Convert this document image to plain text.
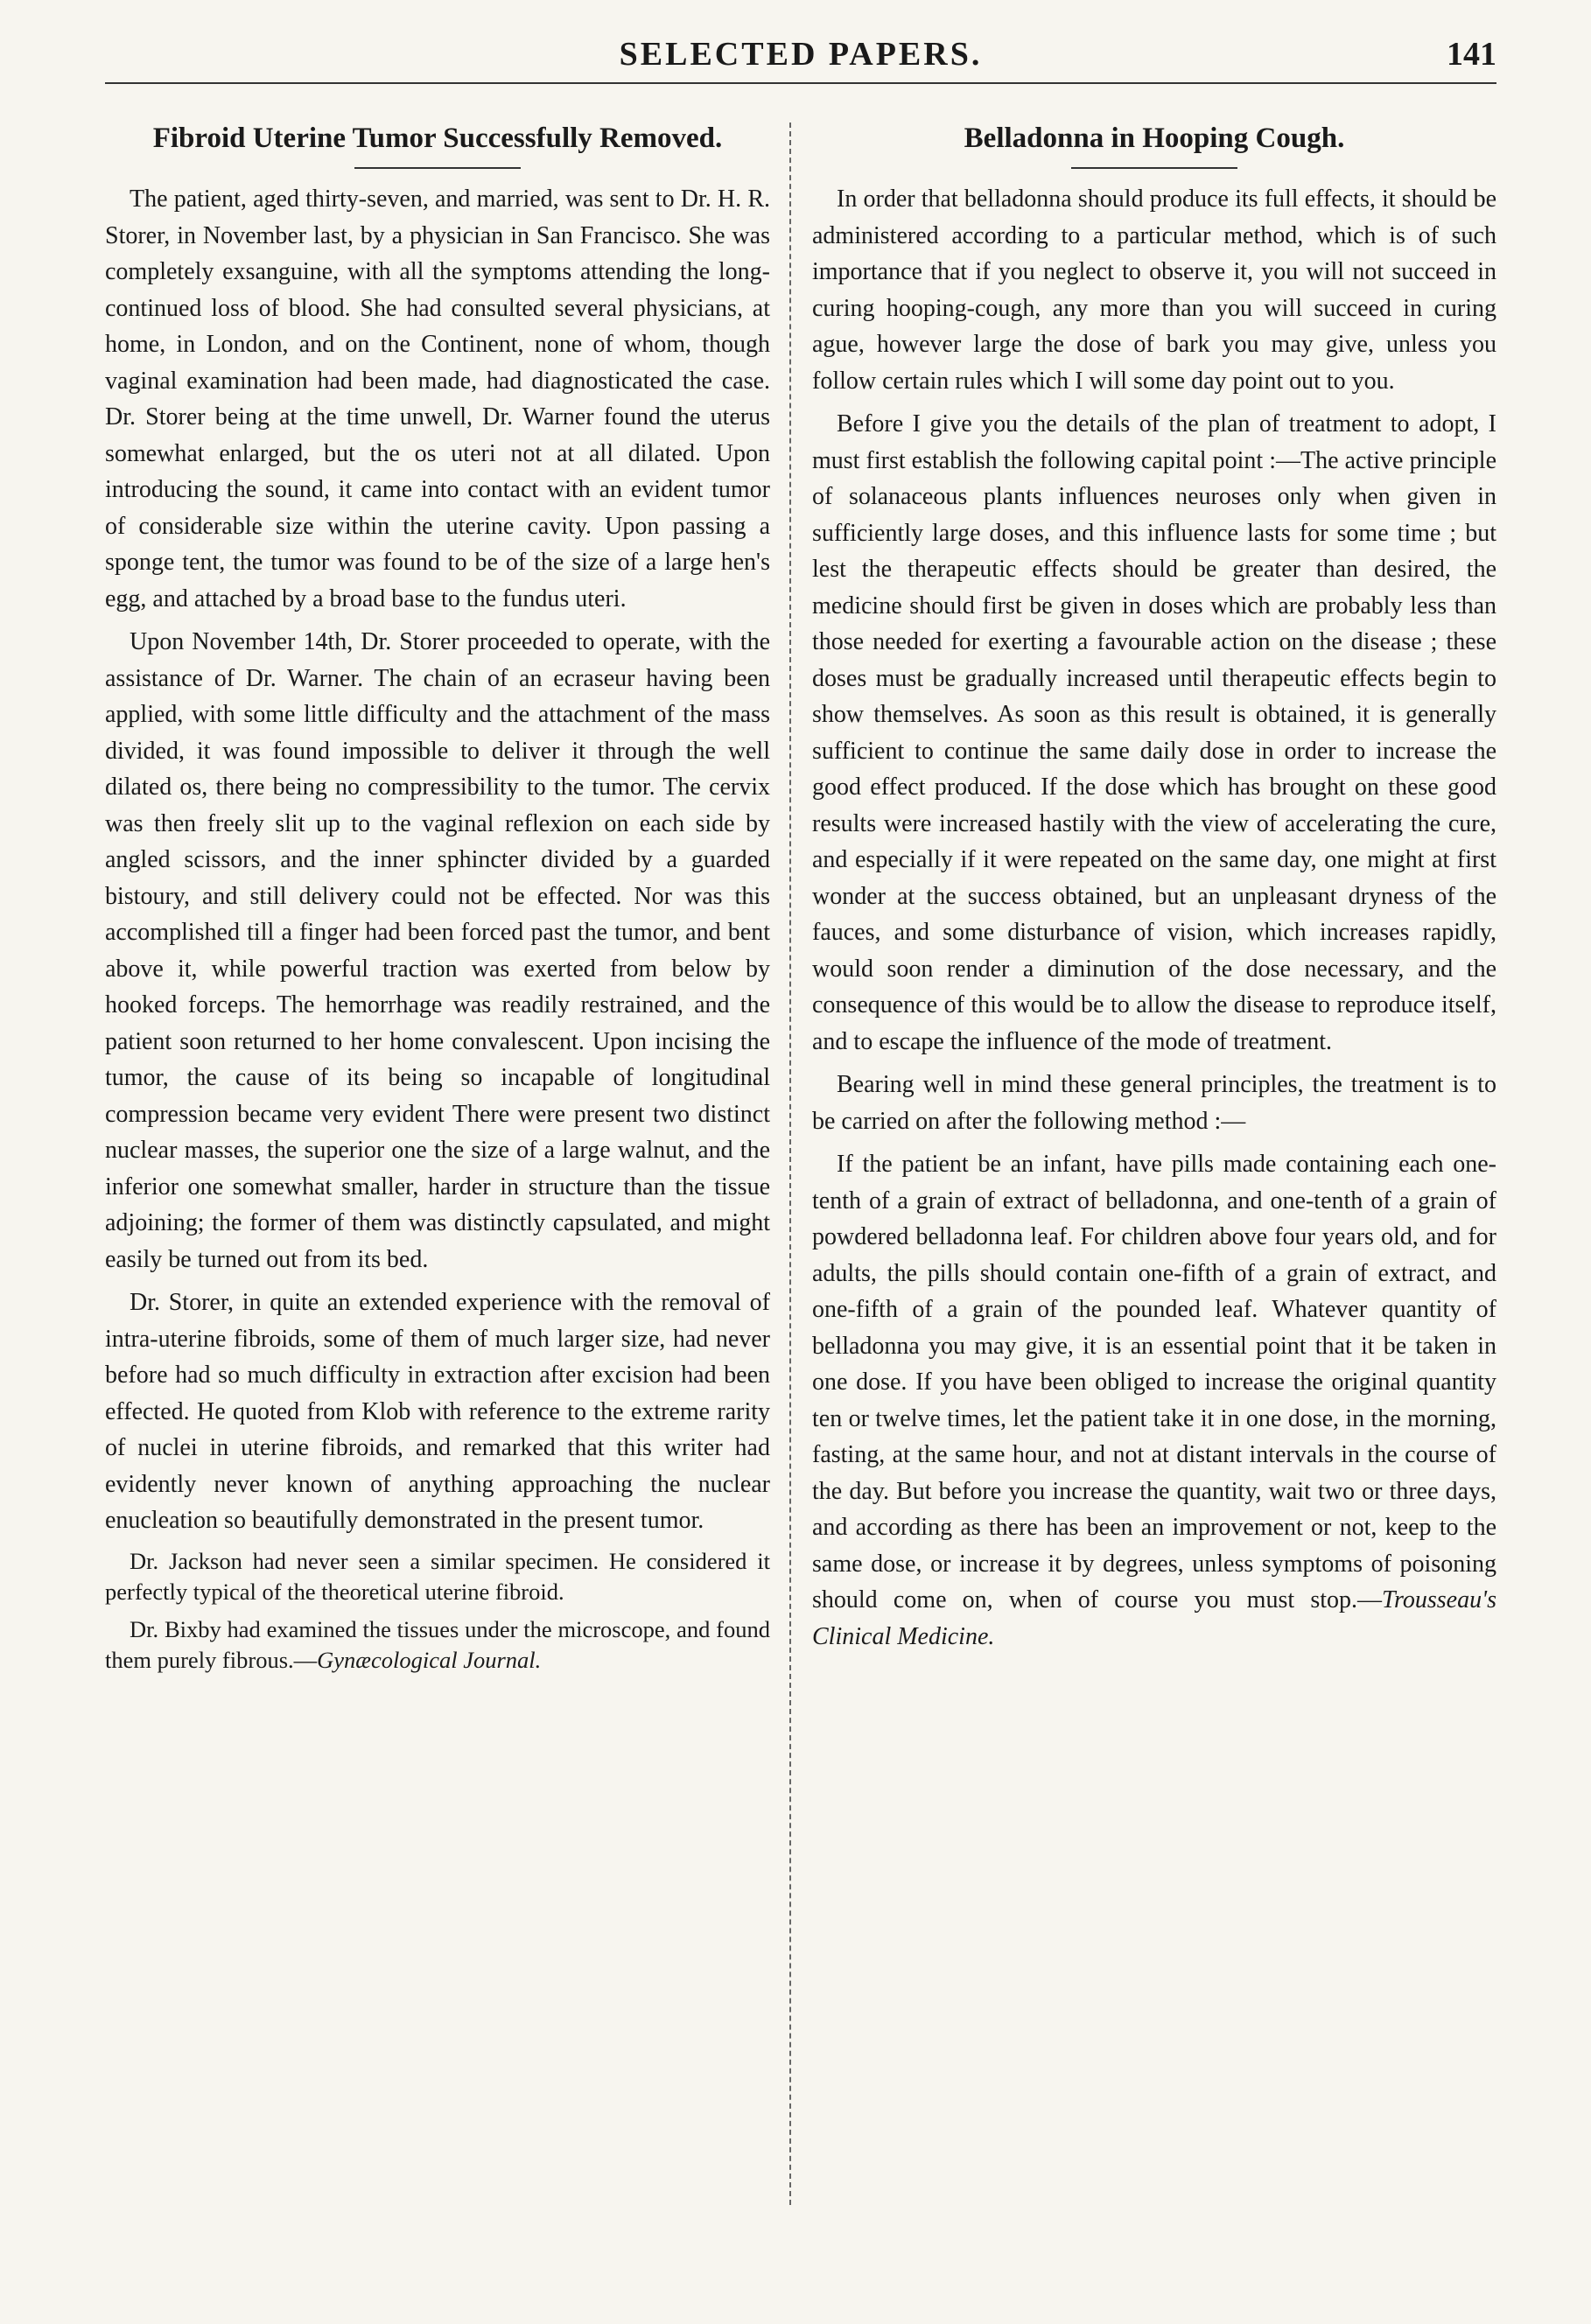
SELECTED PAPERS.	141
Fibroid Uterine Tumor Successfully Removed.

The patient, aged thirty-seven, and married, was sent to Dr. H. R. Storer, in November last, by a physician in San Francisco. She was completely exsanguine, with all the symptoms attending the long-continued loss of blood. She had consulted several physicians, at home, in London, and on the Continent, none of whom, though vaginal examination had been made, had diagnosticated the case. Dr. Storer being at the time unwell, Dr. Warner found the uterus somewhat enlarged, but the os uteri not at all dilated. Upon introducing the sound, it came into contact with an evident tumor of considerable size within the uterine cavity. Upon passing a sponge tent, the tumor was found to be of the size of a large hen's egg, and attached by a broad base to the fundus uteri.

Upon November 14th, Dr. Storer proceeded to operate, with the assistance of Dr. Warner. The chain of an ecraseur having been applied, with some little difficulty and the attachment of the mass divided, it was found impossible to deliver it through the well dilated os, there being no compressibility to the tumor. The cervix was then freely slit up to the vaginal reflexion on each side by angled scissors, and the inner sphincter divided by a guarded bistoury, and still delivery could not be effected. Nor was this accomplished till a finger had been forced past the tumor, and bent above it, while powerful traction was exerted from below by hooked forceps. The hemorrhage was readily restrained, and the patient soon returned to her home convalescent. Upon incising the tumor, the cause of its being so incapable of longitudinal compression became very evident There were present two distinct nuclear masses, the superior one the size of a large walnut, and the inferior one somewhat smaller, harder in structure than the tissue adjoining; the former of them was distinctly capsulated, and might easily be turned out from its bed.

Dr. Storer, in quite an extended experience with the removal of intra-uterine fibroids, some of them of much larger size, had never before had so much difficulty in extraction after excision had been effected. He quoted from Klob with reference to the extreme rarity of nuclei in uterine fibroids, and remarked that this writer had evidently never known of anything approaching the nuclear enucleation so beautifully demonstrated in the present tumor.

Dr. Jackson had never seen a similar specimen. He considered it perfectly typical of the theoretical uterine fibroid.

Dr. Bixby had examined the tissues under the microscope, and found them purely fibrous.—Gynæcological Journal.

Belladonna in Hooping Cough.

In order that belladonna should produce its full effects, it should be administered according to a particular method, which is of such importance that if you neglect to observe it, you will not succeed in curing hooping-cough, any more than you will succeed in curing ague, however large the dose of bark you may give, unless you follow certain rules which I will some day point out to you.

Before I give you the details of the plan of treatment to adopt, I must first establish the following capital point :—The active principle of solanaceous plants influences neuroses only when given in sufficiently large doses, and this influence lasts for some time ; but lest the therapeutic effects should be greater than desired, the medicine should first be given in doses which are probably less than those needed for exerting a favourable action on the disease ; these doses must be gradually increased until therapeutic effects begin to show themselves. As soon as this result is obtained, it is generally sufficient to continue the same daily dose in order to increase the good effect produced. If the dose which has brought on these good results were increased hastily with the view of accelerating the cure, and especially if it were repeated on the same day, one might at first wonder at the success obtained, but an unpleasant dryness of the fauces, and some disturbance of vision, which increases rapidly, would soon render a diminution of the dose necessary, and the consequence of this would be to allow the disease to reproduce itself, and to escape the influence of the mode of treatment.

Bearing well in mind these general principles, the treatment is to be carried on after the following method :—

If the patient be an infant, have pills made containing each one-tenth of a grain of extract of belladonna, and one-tenth of a grain of powdered belladonna leaf. For children above four years old, and for adults, the pills should contain one-fifth of a grain of extract, and one-fifth of a grain of the pounded leaf. Whatever quantity of belladonna you may give, it is an essential point that it be taken in one dose. If you have been obliged to increase the original quantity ten or twelve times, let the patient take it in one dose, in the morning, fasting, at the same hour, and not at distant intervals in the course of the day. But before you increase the quantity, wait two or three days, and according as there has been an improvement or not, keep to the same dose, or increase it by degrees, unless symptoms of poisoning should come on, when of course you must stop.—Trousseau's Clinical Medicine.
